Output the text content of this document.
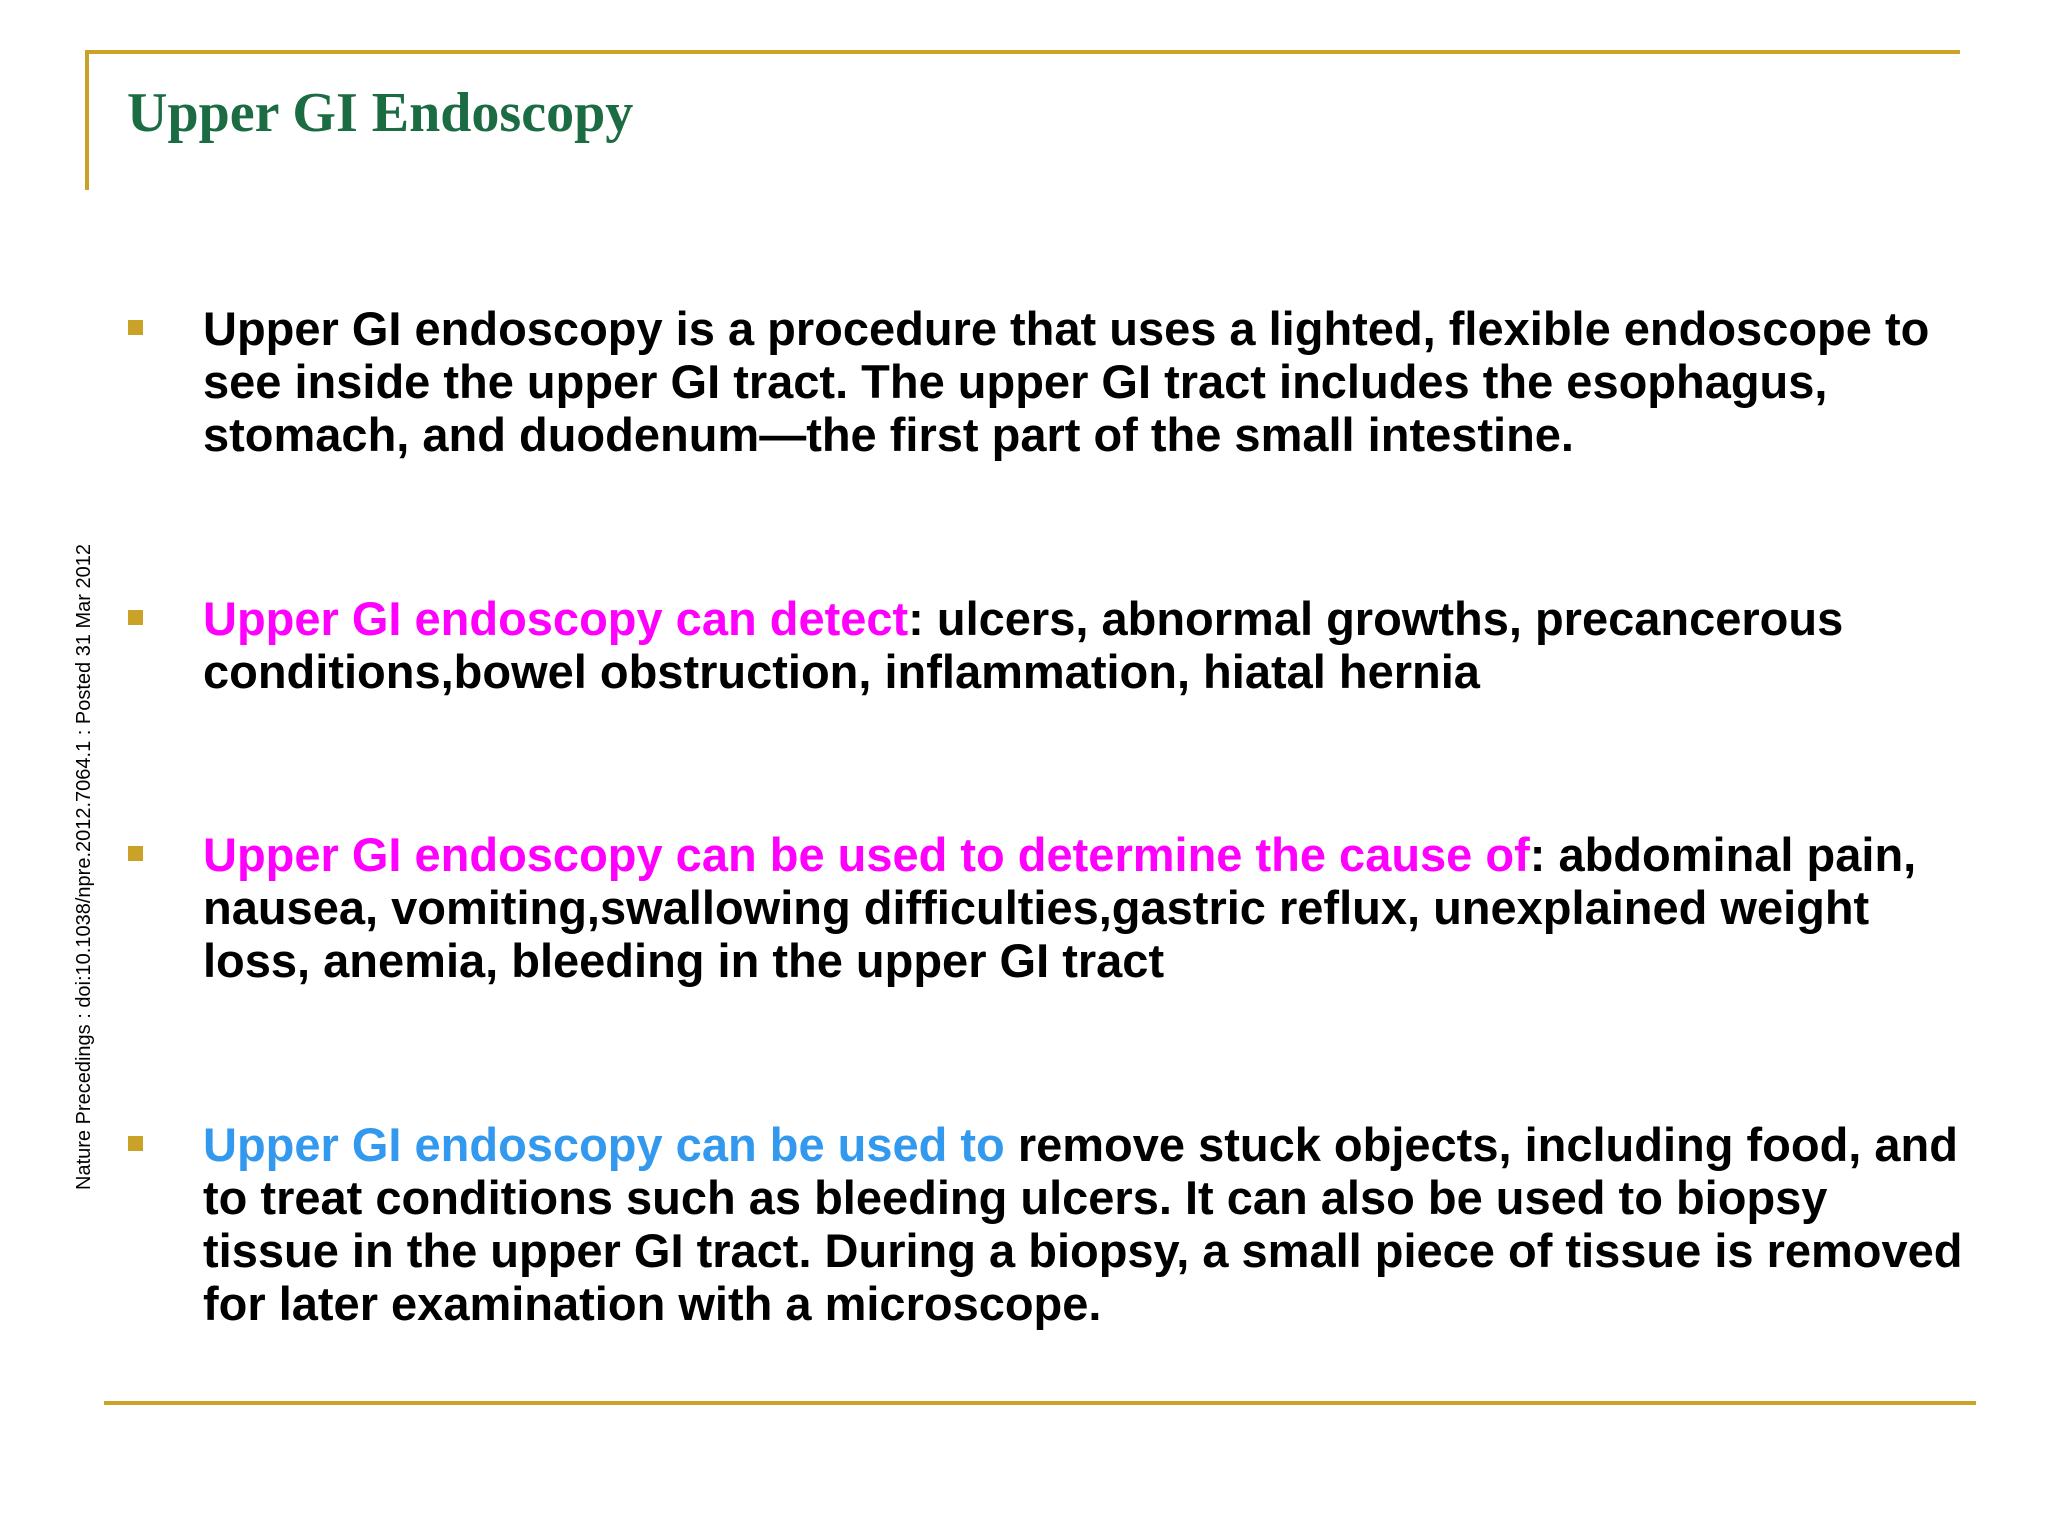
Upper GI Endoscopy
Nature Precedings : doi:10.1038/npre.2012.7064.1 : Posted 31 Mar 2012

Upper GI endoscopy is a procedure that uses a lighted, flexible endoscope to see inside the upper GI tract. The upper GI tract includes the esophagus, stomach, and duodenum—the first part of the small intestine.

Upper GI endoscopy can detect: ulcers, abnormal growths, precancerous conditions,bowel obstruction, inflammation, hiatal hernia

Upper GI endoscopy can be used to determine the cause of: abdominal pain, nausea, vomiting,swallowing difficulties,gastric reflux, unexplained weight loss, anemia, bleeding in the upper GI tract

Upper GI endoscopy can be used to remove stuck objects, including food, and to treat conditions such as bleeding ulcers. It can also be used to biopsy tissue in the upper GI tract. During a biopsy, a small piece of tissue is removed for later examination with a microscope.
